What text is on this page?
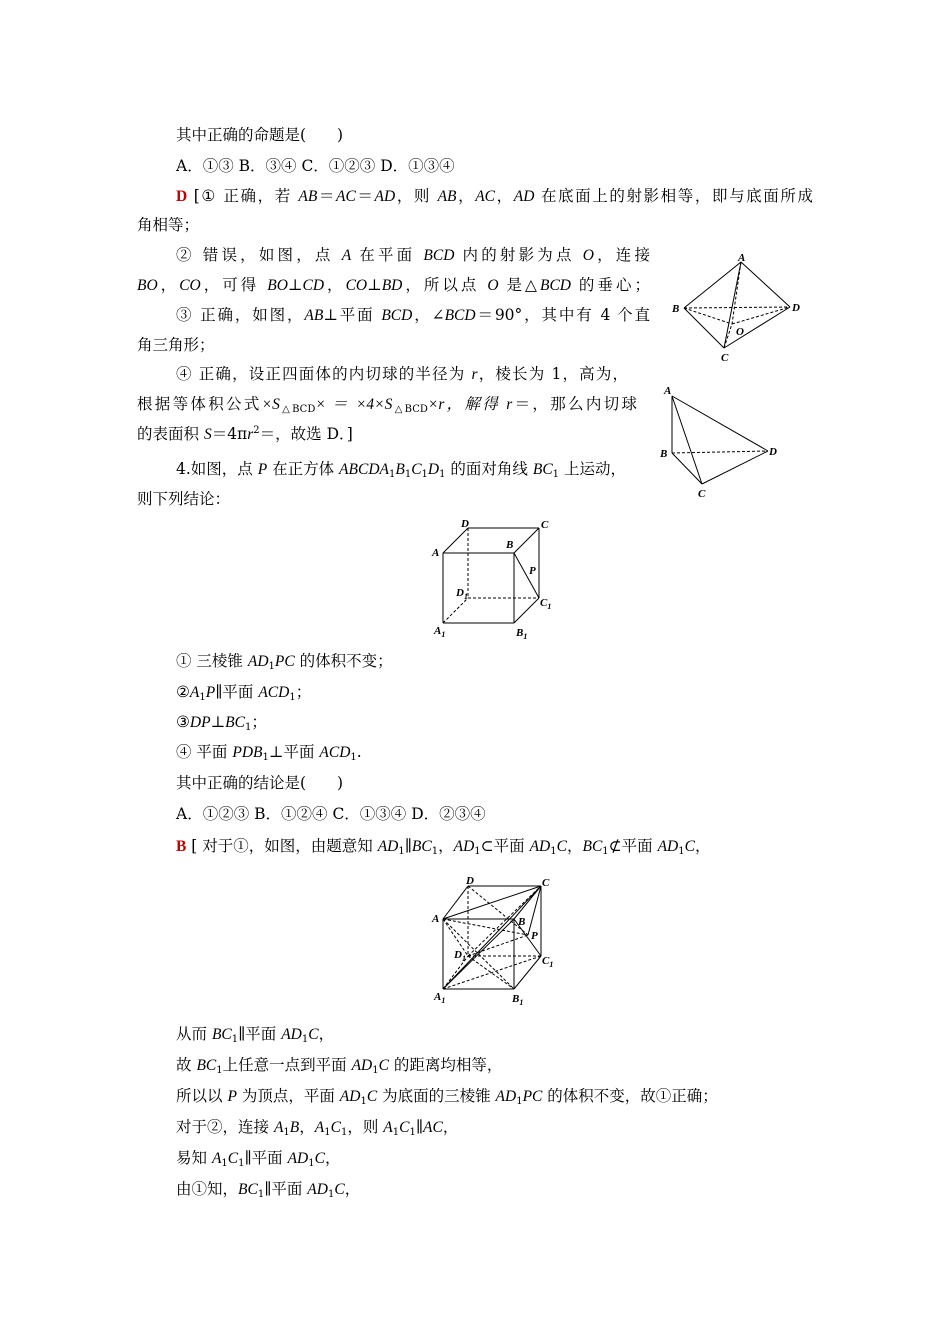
其中正确的命题是(　　)
A．①③ B．③④ C．①②③ D．①③④
D [① 正确，若 AB＝AC＝AD，则 AB，AC，AD 在底面上的射影相等，即与底面所成
角相等；
② 错误，如图，点 A 在平面 BCD 内的射影为点 O，连接
BO，CO，可得 BO⊥CD，CO⊥BD，所以点 O 是△BCD 的垂心；
③ 正确，如图，AB⊥平面 BCD，∠BCD＝90°，其中有 4 个直
角三角形；
④ 正确，设正四面体的内切球的半径为 r，棱长为 1，高为，
根据等体积公式$\times S_{\triangle BCD}\times = \times 4\times S_{\triangle BCD}\times r$，解得 r＝，那么内切球
的表面积 $S=4\pi r^2=$，故选 D．]
A
B
C
D
O
A
B
C
D
4.如图，点 P 在正方体 $ABCDA_1B_1C_1D_1$ 的面对角线 $BC_1$ 上运动，
则下列结论：
D	C
A
B
P
$D_1$
$C_1$
$A_1$	$B_1$
① 三棱锥 $AD_1PC$ 的体积不变；
$②A_1P\parallel$平面 $ACD_1$；
$③DP\perp BC_1$；
④ 平面 $PDB_1\perp$平面 $ACD_1$.
其中正确的结论是(　　)
A．①②③ B．①②④ C．①③④ D．②③④
B [ 对于①，如图，由题意知 $AD_1\parallel BC_1$，$AD_1\subset$平面 $AD_1C$，$BC_1⊄$平面 $AD_1C$，
D	C
A	B
P
$D_1$	$C_1$
$A_1$	$B_1$
从而 $BC_1\parallel$平面 $AD_1C$，
故 $BC_1$上任意一点到平面 $AD_1C$ 的距离均相等，
所以以 P 为顶点，平面 $AD_1C$ 为底面的三棱锥 $AD_1PC$ 的体积不变，故①正确；
对于②，连接 $A_1B$，$A_1C_1$，则 $A_1C_1\parallel AC$，
易知 $A_1C_1\parallel$平面 $AD_1C$，
由①知，$BC_1\parallel$平面 $AD_1C$，
